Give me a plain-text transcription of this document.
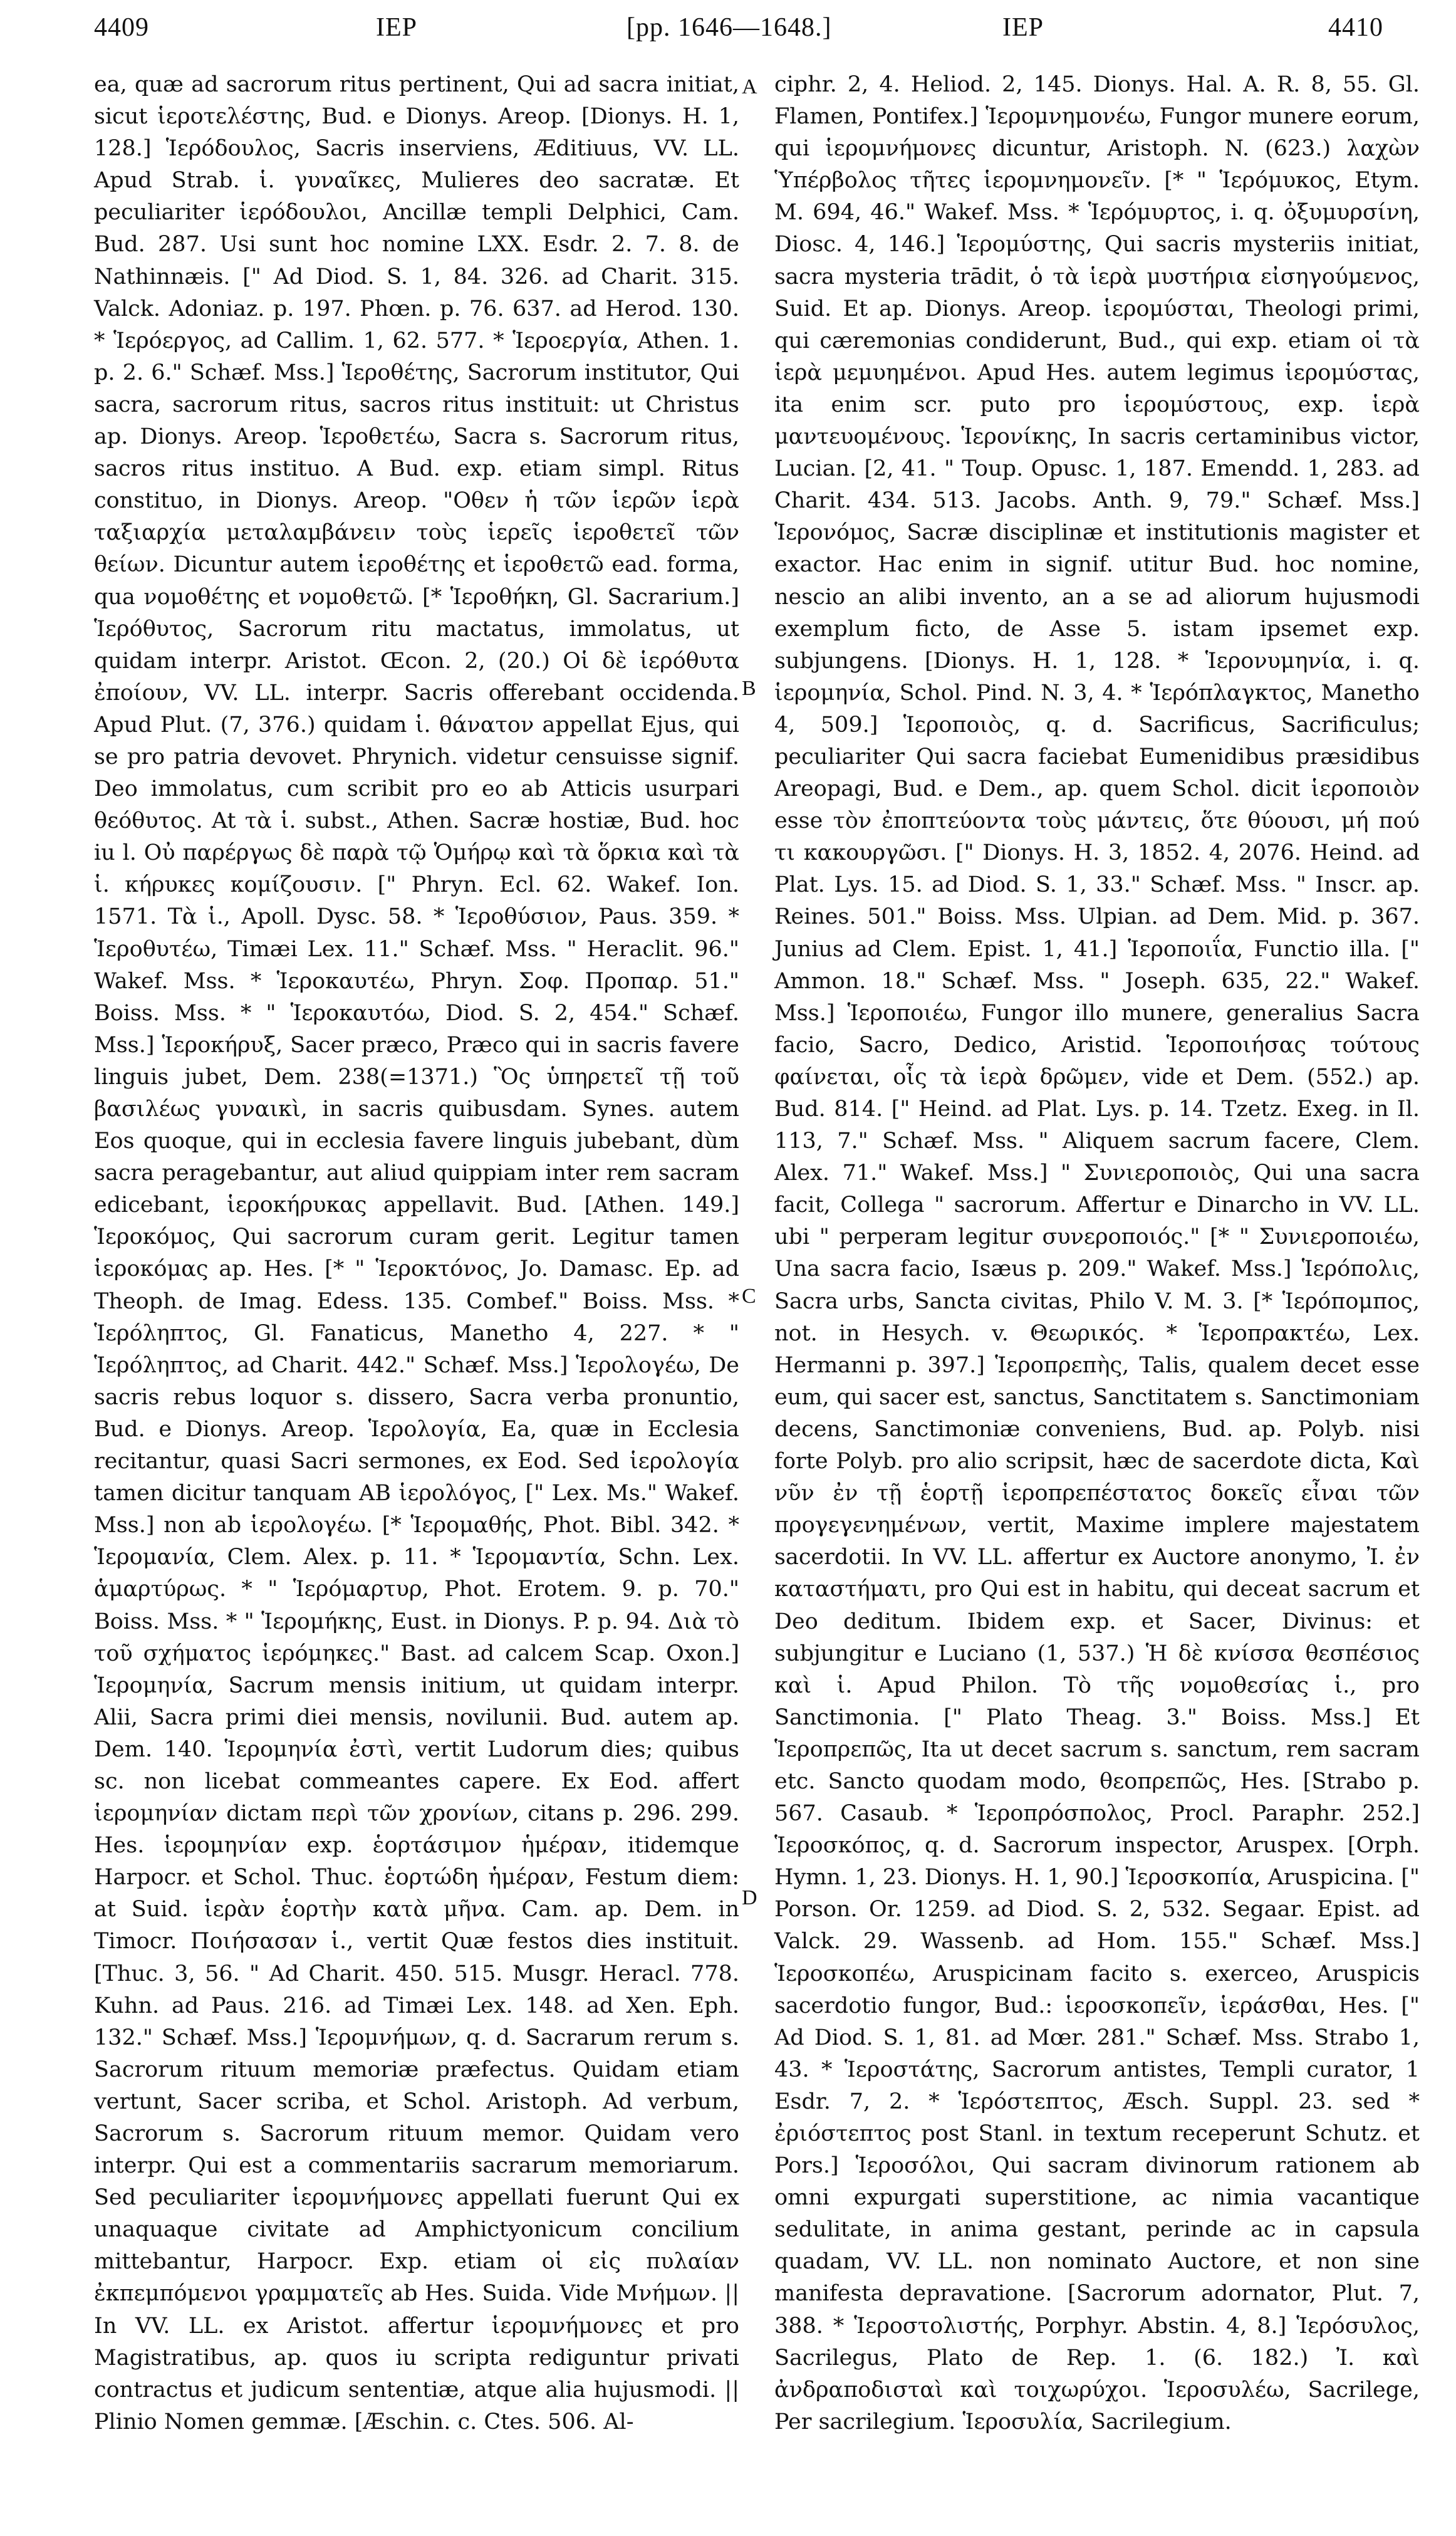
4409	ΙΕΡ	[pp. 1646—1648.]	ΙΕΡ	4410
A
B
C
D

ea, quæ ad sacrorum ritus pertinent, Qui ad sacra initiat, sicut ἱερoτελέστης, Bud. e Dionys. Areop. [Dionys. H. 1, 128.] Ἱερόδουλος, Sacris inserviens, Æditiuus, VV. LL. Apud Strab. ἱ. γυναῖκες, Mulieres deo sacratæ. Et peculiariter ἱερόδουλοι, Ancillæ templi Delphici, Cam. Bud. 287. Usi sunt hoc nomine LXX. Esdr. 2. 7. 8. de Nathinnæis. [" Ad Diod. S. 1, 84. 326. ad Charit. 315. Valck. Adoniaz. p. 197. Phœn. p. 76. 637. ad Herod. 130. * Ἱερόεργος, ad Callim. 1, 62. 577. * Ἱερoεργία, Athen. 1. p. 2. 6." Schæf. Mss.] Ἱεροθέτης, Sacrorum institutor, Qui sacra, sacrorum ritus, sacros ritus instituit: ut Christus ap. Dionys. Areop. Ἱεροθετέω, Sacra s. Sacrorum ritus, sacros ritus instituo. A Bud. exp. etiam simpl. Ritus constituo, in Dionys. Areop. "Οθεν ἡ τῶν ἱερῶν ἱερὰ ταξιαρχία μεταλαμβάνειν τοὺς ἱερεῖς ἱεροθετεῖ τῶν θείων. Dicuntur autem ἱεροθέτης et ἱεροθετῶ ead. forma, qua νομοθέτης et νομοθετῶ. [* Ἱεροθήκη, Gl. Sacrarium.] Ἱερόθυτος, Sacrorum ritu mactatus, immolatus, ut quidam interpr. Aristot. Œcon. 2, (20.) Οἱ δὲ ἱερόθυτα ἐποίουν, VV. LL. interpr. Sacris offerebant occidenda. Apud Plut. (7, 376.) quidam ἱ. θάνατον appellat Ejus, qui se pro patria devovet. Phrynich. videtur censuisse signif. Deo immolatus, cum scribit pro eo ab Atticis usurpari θεόθυτος. At τὰ ἱ. subst., Athen. Sacræ hostiæ, Bud. hoc iu l. Οὐ παρέργως δὲ παρὰ τῷ Ὁμήρῳ καὶ τὰ ὅρκια καὶ τὰ ἱ. κήρυκες κομίζουσιν. [" Phryn. Ecl. 62. Wakef. Ion. 1571. Τὰ ἱ., Apoll. Dysc. 58. * Ἱεροθύσιον, Paus. 359. * Ἱεροθυτέω, Timæi Lex. 11." Schæf. Mss. " Heraclit. 96." Wakef. Mss. * Ἱεροκαυτέω, Phryn. Σοφ. Προπαρ. 51." Boiss. Mss. * " Ἱεροκαυτόω, Diod. S. 2, 454." Schæf. Mss.] Ἱεροκήρυξ, Sacer præco, Præco qui in sacris favere linguis jubet, Dem. 238(=1371.) Ὃς ὑπηρετεῖ τῇ τοῦ βασιλέως γυναικὶ, in sacris quibusdam. Synes. autem Eos quoque, qui in ecclesia favere linguis jubebant, dùm sacra peragebantur, aut aliud quippiam inter rem sacram edicebant, ἱεροκήρυκας appellavit. Bud. [Athen. 149.] Ἱεροκόμος, Qui sacrorum curam gerit. Legitur tamen ἱεροκόμας ap. Hes. [* " Ἱεροκτόνος, Jo. Damasc. Ep. ad Theoph. de Imag. Edess. 135. Combef." Boiss. Mss. * Ἱερόληπτος, Gl. Fanaticus, Manetho 4, 227. * " Ἱερόληπτος, ad Charit. 442." Schæf. Mss.] Ἱερολογέω, De sacris rebus loquor s. dissero, Sacra verba pronuntio, Bud. e Dionys. Areop. Ἱερολογία, Ea, quæ in Ecclesia recitantur, quasi Sacri sermones, ex Eod. Sed ἱερολογία tamen dicitur tanquam AB ἱερολόγος, [" Lex. Ms." Wakef. Mss.] non ab ἱερολογέω. [* Ἱερομαθής, Phot. Bibl. 342. * Ἱερομανία, Clem. Alex. p. 11. * Ἱερομαντία, Schn. Lex. ἁμαρτύρως. * " Ἱερόμαρτυρ, Phot. Erotem. 9. p. 70." Boiss. Mss. * " Ἱερομήκης, Eust. in Dionys. P. p. 94. Διὰ τὸ τοῦ σχήματος ἱερόμηκες." Bast. ad calcem Scap. Oxon.] Ἱερομηνία, Sacrum mensis initium, ut quidam interpr. Alii, Sacra primi diei mensis, novilunii. Bud. autem ap. Dem. 140. Ἱερομηνία ἐστὶ, vertit Ludorum dies; quibus sc. non licebat commeantes capere. Ex Eod. affert ἱερομηνίαν dictam περὶ τῶν χρονίων, citans p. 296. 299. Hes. ἱερομηνίαν exp. ἑορτάσιμον ἡμέραν, itidemque Harpocr. et Schol. Thuc. ἑορτώδη ἡμέραν, Festum diem: at Suid. ἱερὰν ἑορτὴν κατὰ μῆνα. Cam. ap. Dem. in Timocr. Ποιήσασαν ἱ., vertit Quæ festos dies instituit. [Thuc. 3, 56. " Ad Charit. 450. 515. Musgr. Heracl. 778. Kuhn. ad Paus. 216. ad Timæi Lex. 148. ad Xen. Eph. 132." Schæf. Mss.] Ἱερομνήμων, q. d. Sacrarum rerum s. Sacrorum rituum memoriæ præfectus. Quidam etiam vertunt, Sacer scriba, et Schol. Aristoph. Ad verbum, Sacrorum s. Sacrorum rituum memor. Quidam vero interpr. Qui est a commentariis sacrarum memoriarum. Sed peculiariter ἱερομνήμονες appellati fuerunt Qui ex unaquaque civitate ad Amphictyonicum concilium mittebantur, Harpocr. Exp. etiam οἱ εἰς πυλαίαν ἐκπεμπόμενοι γραμματεῖς ab Hes. Suida. Vide Μνήμων. || In VV. LL. ex Aristot. affertur ἱερομνήμονες et pro Magistratibus, ap. quos iu scripta rediguntur privati contractus et judicum sententiæ, atque alia hujusmodi. || Plinio Nomen gemmæ. [Æschin. c. Ctes. 506. Al-

ciphr. 2, 4. Heliod. 2, 145. Dionys. Hal. A. R. 8, 55. Gl. Flamen, Pontifex.] Ἱερομνημονέω, Fungor munere eorum, qui ἱερομνήμονες dicuntur, Aristoph. N. (623.) λαχὼν Ὑπέρβολος τῆτες ἱερομνημονεῖν. [* " Ἱερόμυκος, Etym. M. 694, 46." Wakef. Mss. * Ἱερόμυρτος, i. q. ὀξυμυρσίνη, Diosc. 4, 146.] Ἱερομύστης, Qui sacris mysteriis initiat, sacra mysteria trādit, ὁ τὰ ἱερὰ μυστήρια εἰσηγούμενος, Suid. Et ap. Dionys. Areop. ἱερομύσται, Theologi primi, qui cæremonias condiderunt, Bud., qui exp. etiam οἱ τὰ ἱερὰ μεμυημένοι. Apud Hes. autem legimus ἱερομύστας, ita enim scr. puto pro ἱερομύστους, exp. ἱερὰ μαντευομένους. Ἱερονίκης, In sacris certaminibus victor, Lucian. [2, 41. " Toup. Opusc. 1, 187. Emendd. 1, 283. ad Charit. 434. 513. Jacobs. Anth. 9, 79." Schæf. Mss.] Ἱερονόμος, Sacræ disciplinæ et institutionis magister et exactor. Hac enim in signif. utitur Bud. hoc nomine, nescio an alibi invento, an a se ad aliorum hujusmodi exemplum ficto, de Asse 5. istam ipsemet exp. subjungens. [Dionys. H. 1, 128. * Ἱερονυμηνία, i. q. ἱερομηνία, Schol. Pind. N. 3, 4. * Ἱερόπλαγκτος, Manetho 4, 509.] Ἱεροποιὸς, q. d. Sacrificus, Sacrificulus; peculiariter Qui sacra faciebat Eumenidibus præsidibus Areopagi, Bud. e Dem., ap. quem Schol. dicit ἱεροποιὸν esse τὸν ἐποπτεύοντα τοὺς μάντεις, ὅτε θύουσι, μή πού τι κακουργῶσι. [" Dionys. H. 3, 1852. 4, 2076. Heind. ad Plat. Lys. 15. ad Diod. S. 1, 33." Schæf. Mss. " Inscr. ap. Reines. 501." Boiss. Mss. Ulpian. ad Dem. Mid. p. 367. Junius ad Clem. Epist. 1, 41.] Ἱεροποιΐα, Functio illa. [" Ammon. 18." Schæf. Mss. " Joseph. 635, 22." Wakef. Mss.] Ἱεροποιέω, Fungor illo munere, generalius Sacra facio, Sacro, Dedico, Aristid. Ἱεροποιήσας τούτους φαίνεται, οἷς τὰ ἱερὰ δρῶμεν, vide et Dem. (552.) ap. Bud. 814. [" Heind. ad Plat. Lys. p. 14. Tzetz. Exeg. in Il. 113, 7." Schæf. Mss. " Aliquem sacrum facere, Clem. Alex. 71." Wakef. Mss.] " Συνιεροποιὸς, Qui una sacra facit, Collega " sacrorum. Affertur e Dinarcho in VV. LL. ubi " perperam legitur συνεροποιός." [* " Συνιεροποιέω, Una sacra facio, Isæus p. 209." Wakef. Mss.] Ἱερόπολις, Sacra urbs, Sancta civitas, Philo V. M. 3. [* Ἱερόπομπος, not. in Hesych. v. Θεωρικός. * Ἱεροπρακτέω, Lex. Hermanni p. 397.] Ἱεροπρεπὴς, Talis, qualem decet esse eum, qui sacer est, sanctus, Sanctitatem s. Sanctimoniam decens, Sanctimoniæ conveniens, Bud. ap. Polyb. nisi forte Polyb. pro alio scripsit, hæc de sacerdote dicta, Καὶ νῦν ἐν τῇ ἑορτῇ ἱεροπρεπέστατος δοκεῖς εἶναι τῶν προγεγενημένων, vertit, Maxime implere majestatem sacerdotii. In VV. LL. affertur ex Auctore anonymo, Ἰ. ἐν καταστήματι, pro Qui est in habitu, qui deceat sacrum et Deo deditum. Ibidem exp. et Sacer, Divinus: et subjungitur e Luciano (1, 537.) Ἡ δὲ κνίσσα θεσπέσιος καὶ ἱ. Apud Philon. Τὸ τῆς νομοθεσίας ἱ., pro Sanctimonia. [" Plato Theag. 3." Boiss. Mss.] Et Ἱεροπρεπῶς, Ita ut decet sacrum s. sanctum, rem sacram etc. Sancto quodam modo, θεοπρεπῶς, Hes. [Strabo p. 567. Casaub. * Ἱεροπρόσπολος, Procl. Paraphr. 252.] Ἱεροσκόπος, q. d. Sacrorum inspector, Aruspex. [Orph. Hymn. 1, 23. Dionys. H. 1, 90.] Ἱεροσκοπία, Aruspicina. [" Porson. Or. 1259. ad Diod. S. 2, 532. Segaar. Epist. ad Valck. 29. Wassenb. ad Hom. 155." Schæf. Mss.] Ἱεροσκοπέω, Aruspicinam facito s. exerceo, Aruspicis sacerdotio fungor, Bud.: ἱεροσκοπεῖν, ἱεράσθαι, Hes. [" Ad Diod. S. 1, 81. ad Mœr. 281." Schæf. Mss. Strabo 1, 43. * Ἱεροστάτης, Sacrorum antistes, Templi curator, 1 Esdr. 7, 2. * Ἱερόστεπτος, Æsch. Suppl. 23. sed * ἐριόστεπτος post Stanl. in textum receperunt Schutz. et Pors.] Ἱεροσόλοι, Qui sacram divinorum rationem ab omni expurgati superstitione, ac nimia vacantique sedulitate, in anima gestant, perinde ac in capsula quadam, VV. LL. non nominato Auctore, et non sine manifesta depravatione. [Sacrorum adornator, Plut. 7, 388. * Ἱεροστολιστής, Porphyr. Abstin. 4, 8.] Ἱερόσυλος, Sacrilegus, Plato de Rep. 1. (6. 182.) Ἰ. καὶ ἀνδραποδισταὶ καὶ τοιχωρύχοι. Ἱεροσυλέω, Sacrilege, Per sacrilegium. Ἱεροσυλία, Sacrilegium.
